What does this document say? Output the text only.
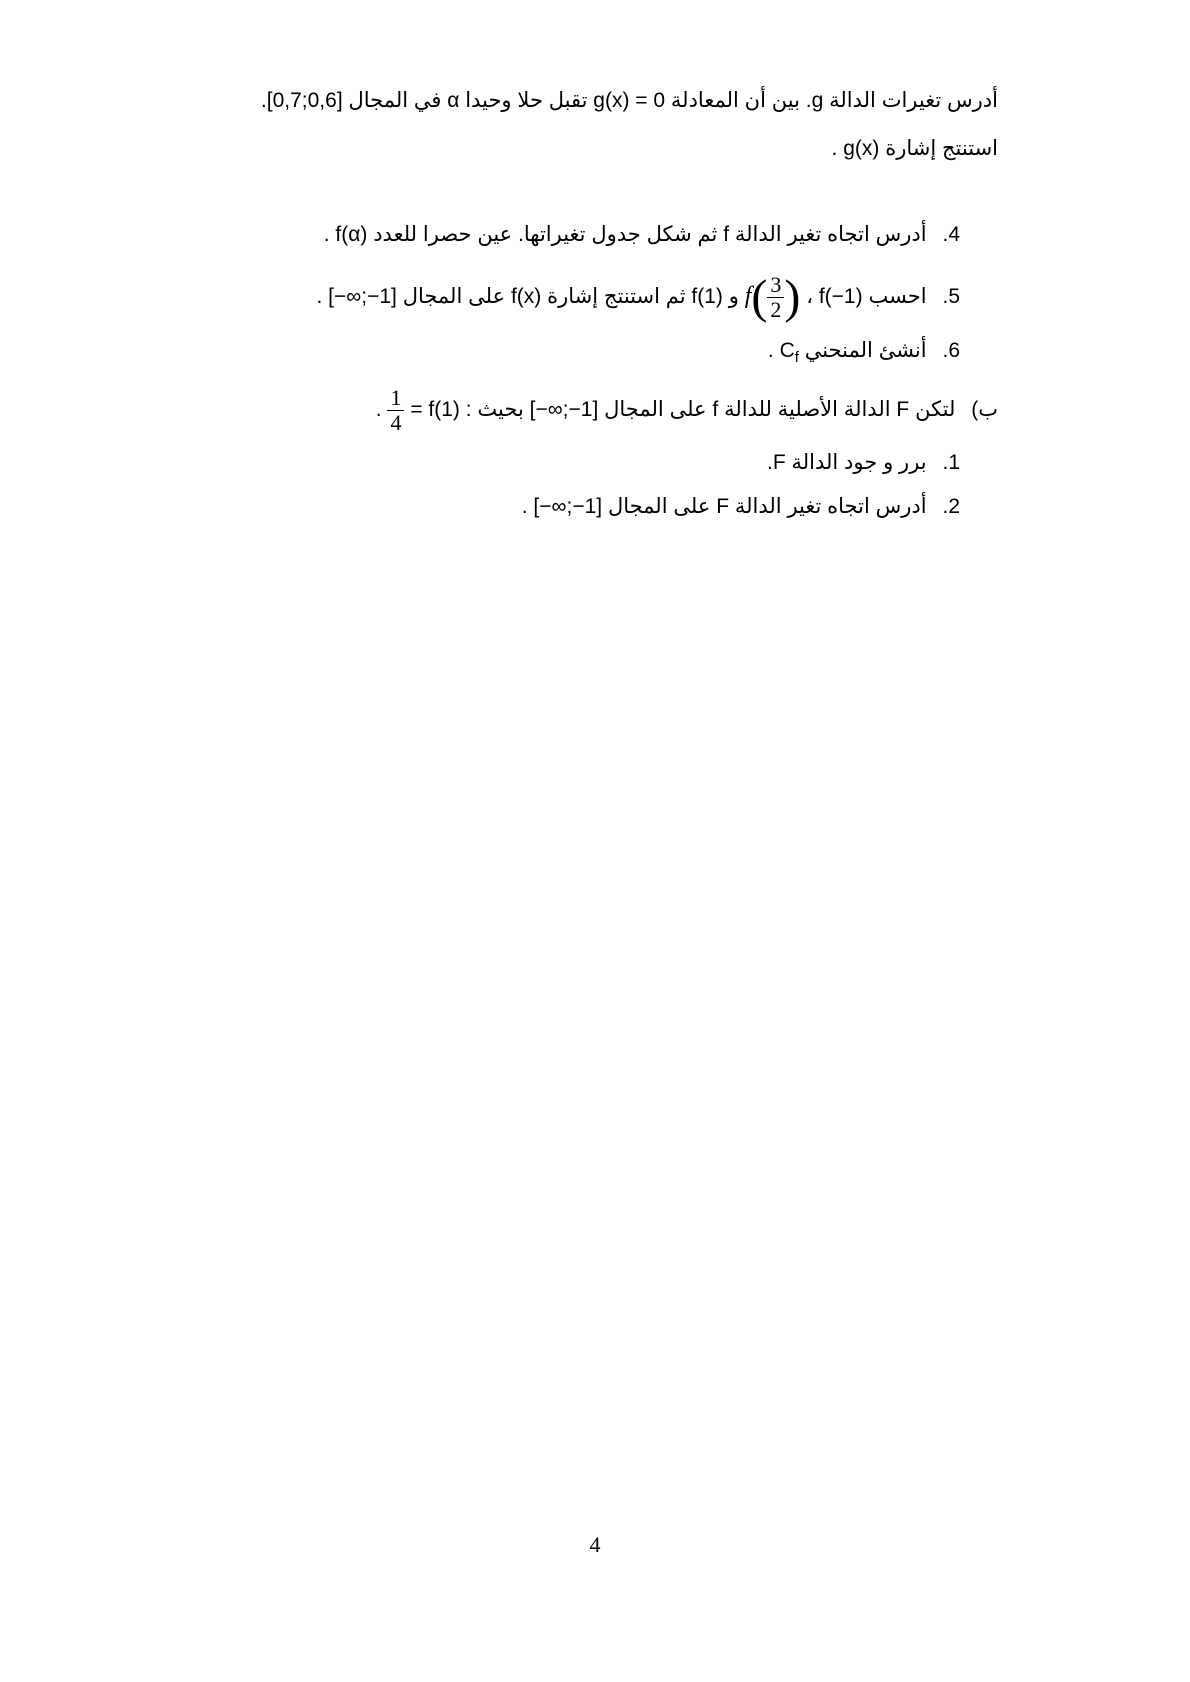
أدرس تغيرات الدالة g. بين أن المعادلة g(x) = 0 تقبل حلا وحيدا α في المجال [0,6;0,7].
استنتج إشارة g(x) .
4. أدرس اتجاه تغير الدالة f ثم شكل جدول تغيراتها. عين حصرا للعدد f(α) .
5. احسب $f( \frac{3}{2}$ ) ، f(−1) و f(1) ثم استنتج إشارة f(x) على المجال [1−;∞−] .
6. أنشئ المنحني $C_f$ .
ب) لتكن F الدالة الأصلية للدالة f على المجال [1−;∞−] بحيث : f(1) =
$\frac{1}{4}$
.
1. برر و جود الدالة F.
2. أدرس اتجاه تغير الدالة F على المجال [1−;∞−] .
4
